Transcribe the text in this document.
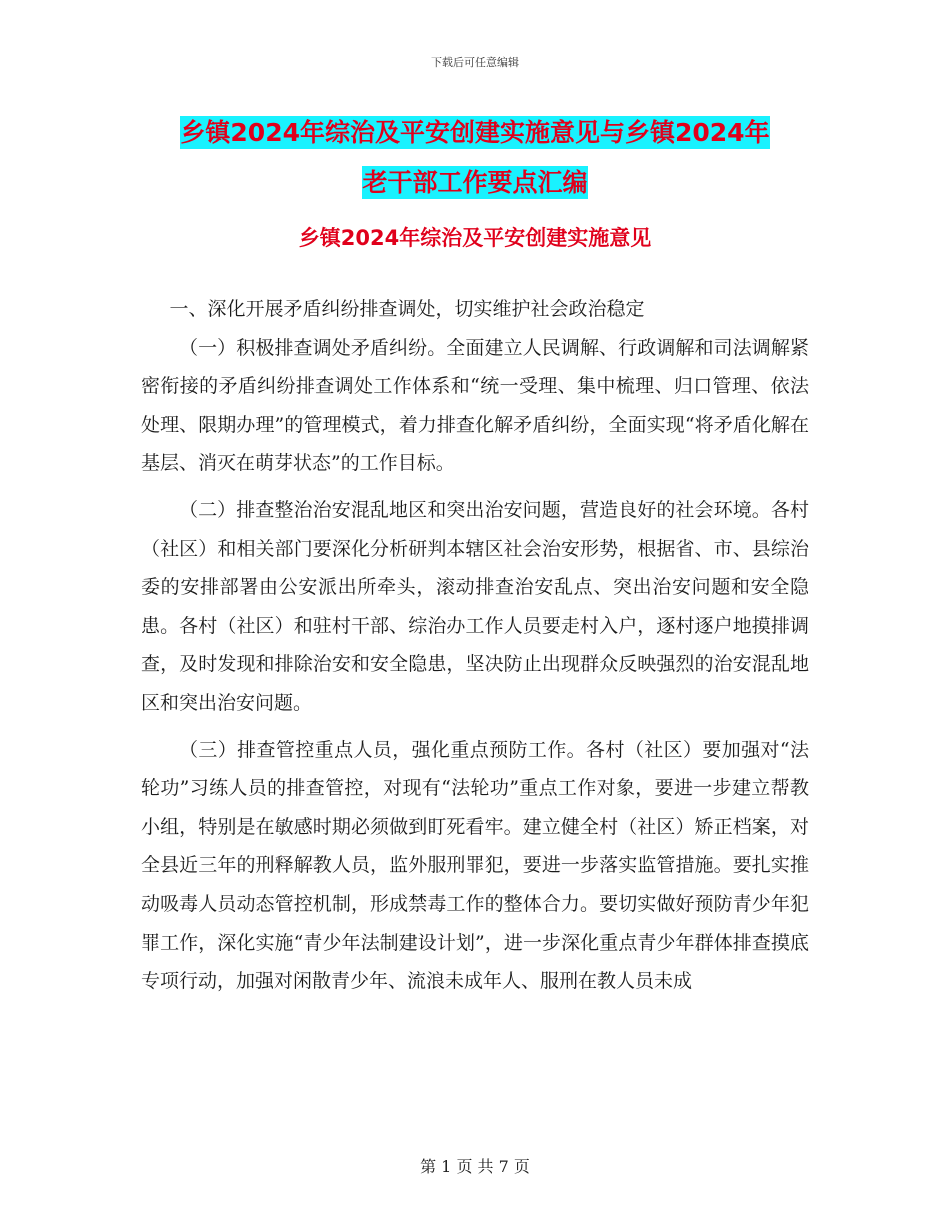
下载后可任意编辑
乡镇2024年综治及平安创建实施意见与乡镇2024年
老干部工作要点汇编
乡镇2024年综治及平安创建实施意见

一、深化开展矛盾纠纷排查调处，切实维护社会政治稳定

（一）积极排查调处矛盾纠纷。全面建立人民调解、行政调解和司法调解紧密衔接的矛盾纠纷排查调处工作体系和“统一受理、集中梳理、归口管理、依法处理、限期办理”的管理模式，着力排查化解矛盾纠纷，全面实现“将矛盾化解在基层、消灭在萌芽状态”的工作目标。

（二）排查整治治安混乱地区和突出治安问题，营造良好的社会环境。各村（社区）和相关部门要深化分析研判本辖区社会治安形势，根据省、市、县综治委的安排部署由公安派出所牵头，滚动排查治安乱点、突出治安问题和安全隐患。各村（社区）和驻村干部、综治办工作人员要走村入户，逐村逐户地摸排调查，及时发现和排除治安和安全隐患，坚决防止出现群众反映强烈的治安混乱地区和突出治安问题。

（三）排查管控重点人员，强化重点预防工作。各村（社区）要加强对“法轮功”习练人员的排查管控，对现有“法轮功”重点工作对象，要进一步建立帮教小组，特别是在敏感时期必须做到盯死看牢。建立健全村（社区）矫正档案，对全县近三年的刑释解教人员，监外服刑罪犯，要进一步落实监管措施。要扎实推动吸毒人员动态管控机制，形成禁毒工作的整体合力。要切实做好预防青少年犯罪工作，深化实施“青少年法制建设计划”，进一步深化重点青少年群体排查摸底专项行动，加强对闲散青少年、流浪未成年人、服刑在教人员未成

第 1 页 共 7 页
